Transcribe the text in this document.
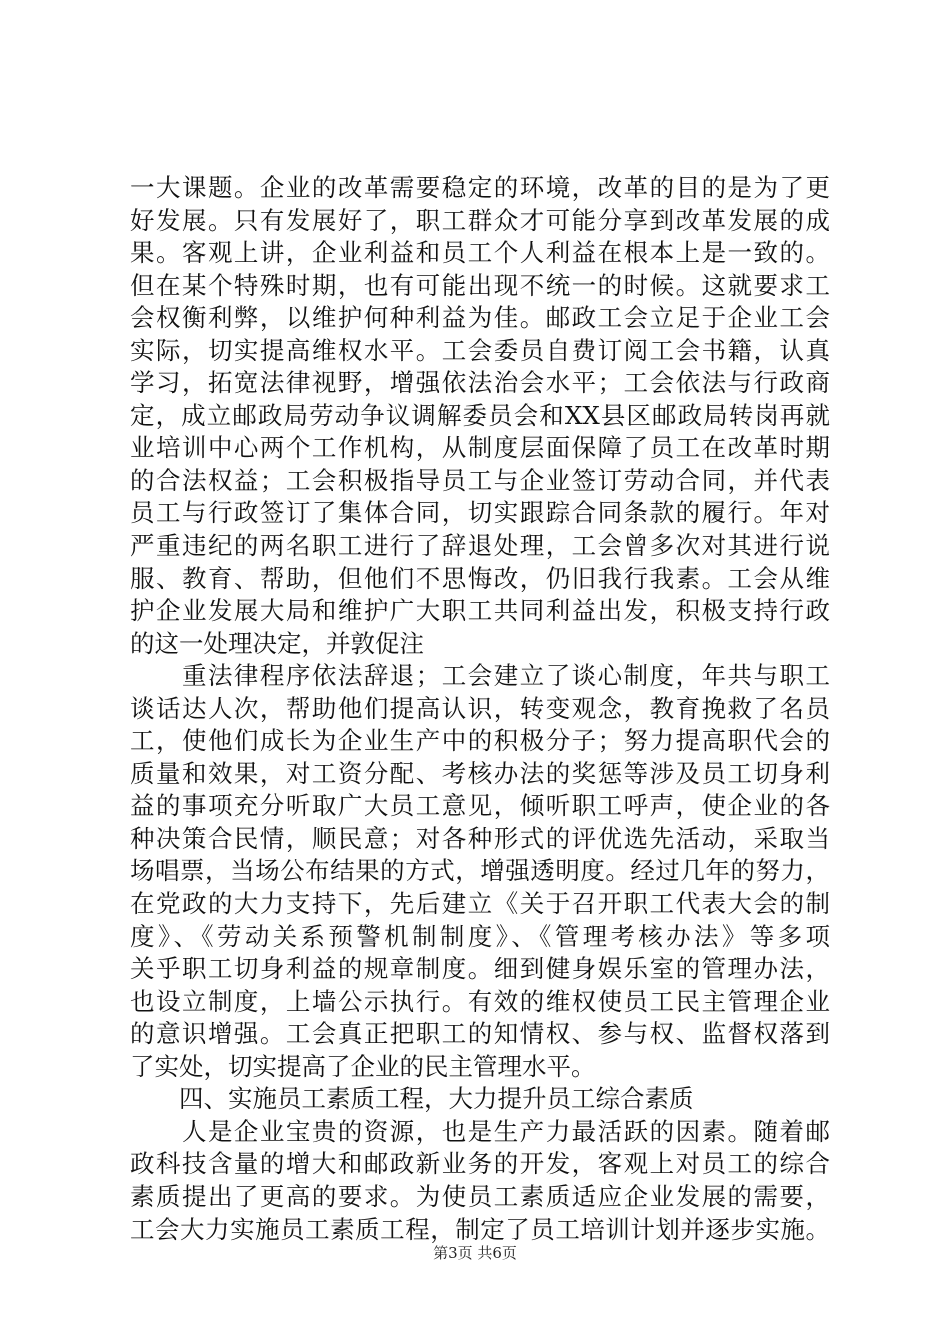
一大课题。企业的改革需要稳定的环境，改革的目的是为了更
好发展。只有发展好了，职工群众才可能分享到改革发展的成
果。客观上讲，企业利益和员工个人利益在根本上是一致的。
但在某个特殊时期，也有可能出现不统一的时候。这就要求工
会权衡利弊，以维护何种利益为佳。邮政工会立足于企业工会
实际，切实提高维权水平。工会委员自费订阅工会书籍，认真
学习，拓宽法律视野，增强依法治会水平；工会依法与行政商
定，成立邮政局劳动争议调解委员会和XX县区邮政局转岗再就
业培训中心两个工作机构，从制度层面保障了员工在改革时期
的合法权益；工会积极指导员工与企业签订劳动合同，并代表
员工与行政签订了集体合同，切实跟踪合同条款的履行。年对
严重违纪的两名职工进行了辞退处理，工会曾多次对其进行说
服、教育、帮助，但他们不思悔改，仍旧我行我素。工会从维
护企业发展大局和维护广大职工共同利益出发，积极支持行政
的这一处理决定，并敦促注
　　重法律程序依法辞退；工会建立了谈心制度，年共与职工
谈话达人次，帮助他们提高认识，转变观念，教育挽救了名员
工，使他们成长为企业生产中的积极分子；努力提高职代会的
质量和效果，对工资分配、考核办法的奖惩等涉及员工切身利
益的事项充分听取广大员工意见，倾听职工呼声，使企业的各
种决策合民情，顺民意；对各种形式的评优选先活动，采取当
场唱票，当场公布结果的方式，增强透明度。经过几年的努力，
在党政的大力支持下，先后建立《关于召开职工代表大会的制
度》、《劳动关系预警机制制度》、《管理考核办法》等多项
关乎职工切身利益的规章制度。细到健身娱乐室的管理办法，
也设立制度，上墙公示执行。有效的维权使员工民主管理企业
的意识增强。工会真正把职工的知情权、参与权、监督权落到
了实处，切实提高了企业的民主管理水平。
　　四、实施员工素质工程，大力提升员工综合素质
　　人是企业宝贵的资源，也是生产力最活跃的因素。随着邮
政科技含量的增大和邮政新业务的开发，客观上对员工的综合
素质提出了更高的要求。为使员工素质适应企业发展的需要，
工会大力实施员工素质工程，制定了员工培训计划并逐步实施。
第3页 共6页
